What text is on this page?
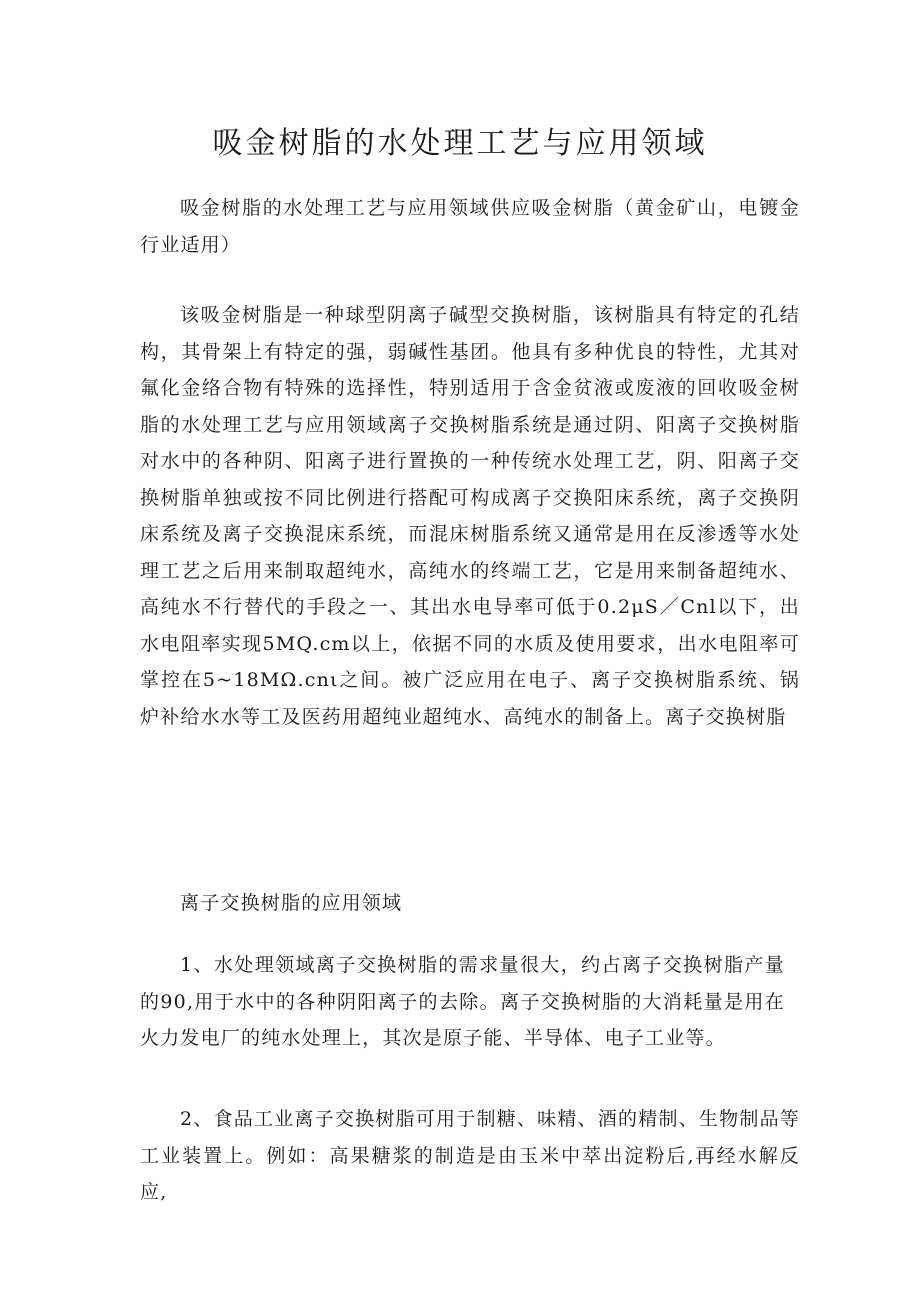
吸金树脂的水处理工艺与应用领域

吸金树脂的水处理工艺与应用领域供应吸金树脂（黄金矿山，电镀金行业适用）

该吸金树脂是一种球型阴离子碱型交换树脂，该树脂具有特定的孔结构，其骨架上有特定的强，弱碱性基团。他具有多种优良的特性，尤其对氟化金络合物有特殊的选择性，特别适用于含金贫液或废液的回收吸金树脂的水处理工艺与应用领域离子交换树脂系统是通过阴、阳离子交换树脂对水中的各种阴、阳离子进行置换的一种传统水处理工艺，阴、阳离子交换树脂单独或按不同比例进行搭配可构成离子交换阳床系统，离子交换阴床系统及离子交换混床系统，而混床树脂系统又通常是用在反渗透等水处理工艺之后用来制取超纯水，高纯水的终端工艺，它是用来制备超纯水、高纯水不行替代的手段之一、其出水电导率可低于0.2μS／Cnl以下，出水电阻率实现5MQ.cm以上，依据不同的水质及使用要求，出水电阻率可掌控在5~18MΩ.cnι之间。被广泛应用在电子、离子交换树脂系统、锅炉补给水水等工及医药用超纯业超纯水、高纯水的制备上。离子交换树脂

离子交换树脂的应用领域

1、水处理领域离子交换树脂的需求量很大，约占离子交换树脂产量的90,用于水中的各种阴阳离子的去除。离子交换树脂的大消耗量是用在火力发电厂的纯水处理上，其次是原子能、半导体、电子工业等。

2、食品工业离子交换树脂可用于制糖、味精、酒的精制、生物制品等工业装置上。例如：高果糖浆的制造是由玉米中萃出淀粉后,再经水解反应,
